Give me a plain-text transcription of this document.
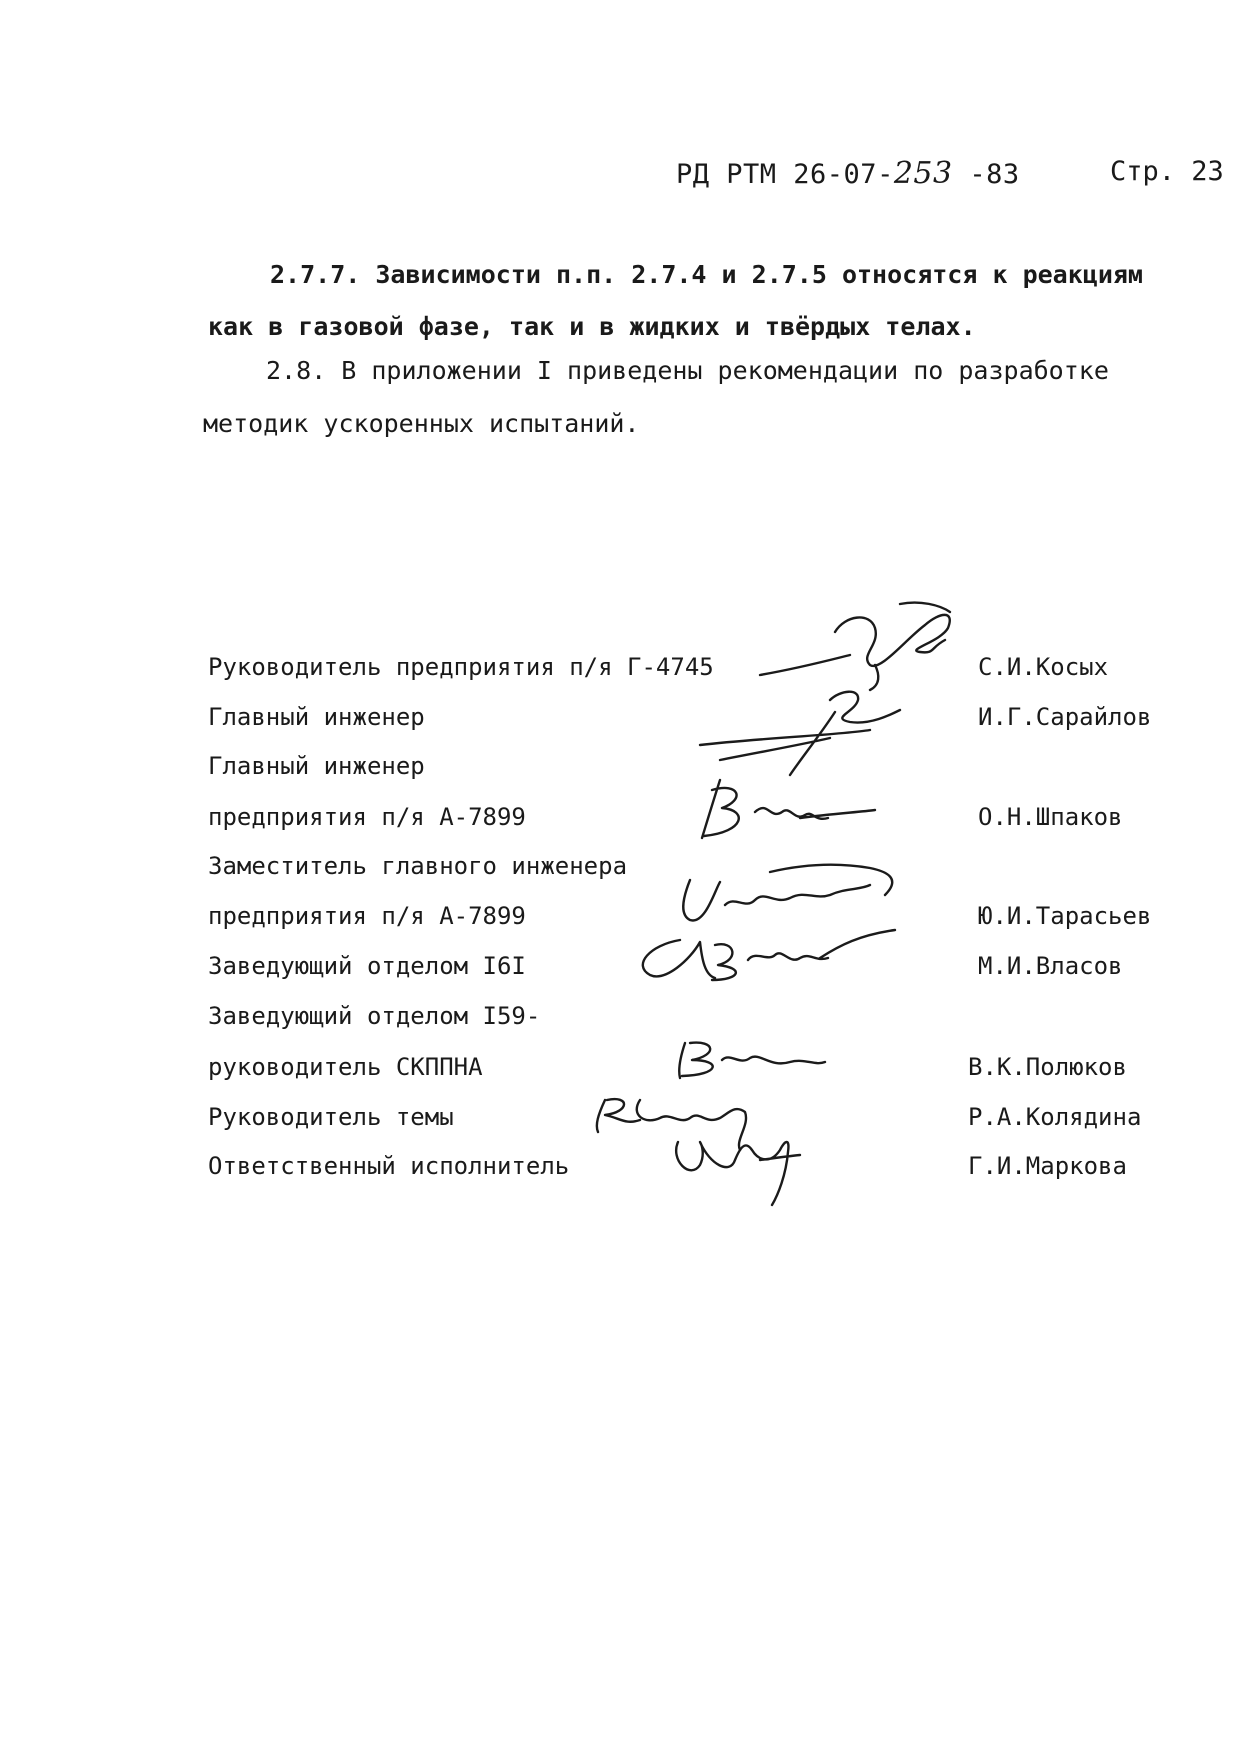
РД РТМ 26-07-253 -83	Стр. 23
2.7.7. Зависимости п.п. 2.7.4 и 2.7.5 относятся к реакциям
как в газовой фазе, так и в жидких и твёрдых телах.
2.8. В приложении I приведены рекомендации по разработке
методик ускоренных испытаний.
Руководитель предприятия п/я Г-4745	С.И.Косых
Главный инженер	И.Г.Сарайлов
Главный инженер
предприятия п/я А-7899	О.Н.Шпаков
Заместитель главного инженера
предприятия п/я А-7899	Ю.И.Тарасьев
Заведующий отделом I6I	М.И.Власов
Заведующий отделом I59-
руководитель СКППНА	В.К.Полюков
Руководитель темы	Р.А.Колядина
Ответственный исполнитель	Г.И.Маркова
